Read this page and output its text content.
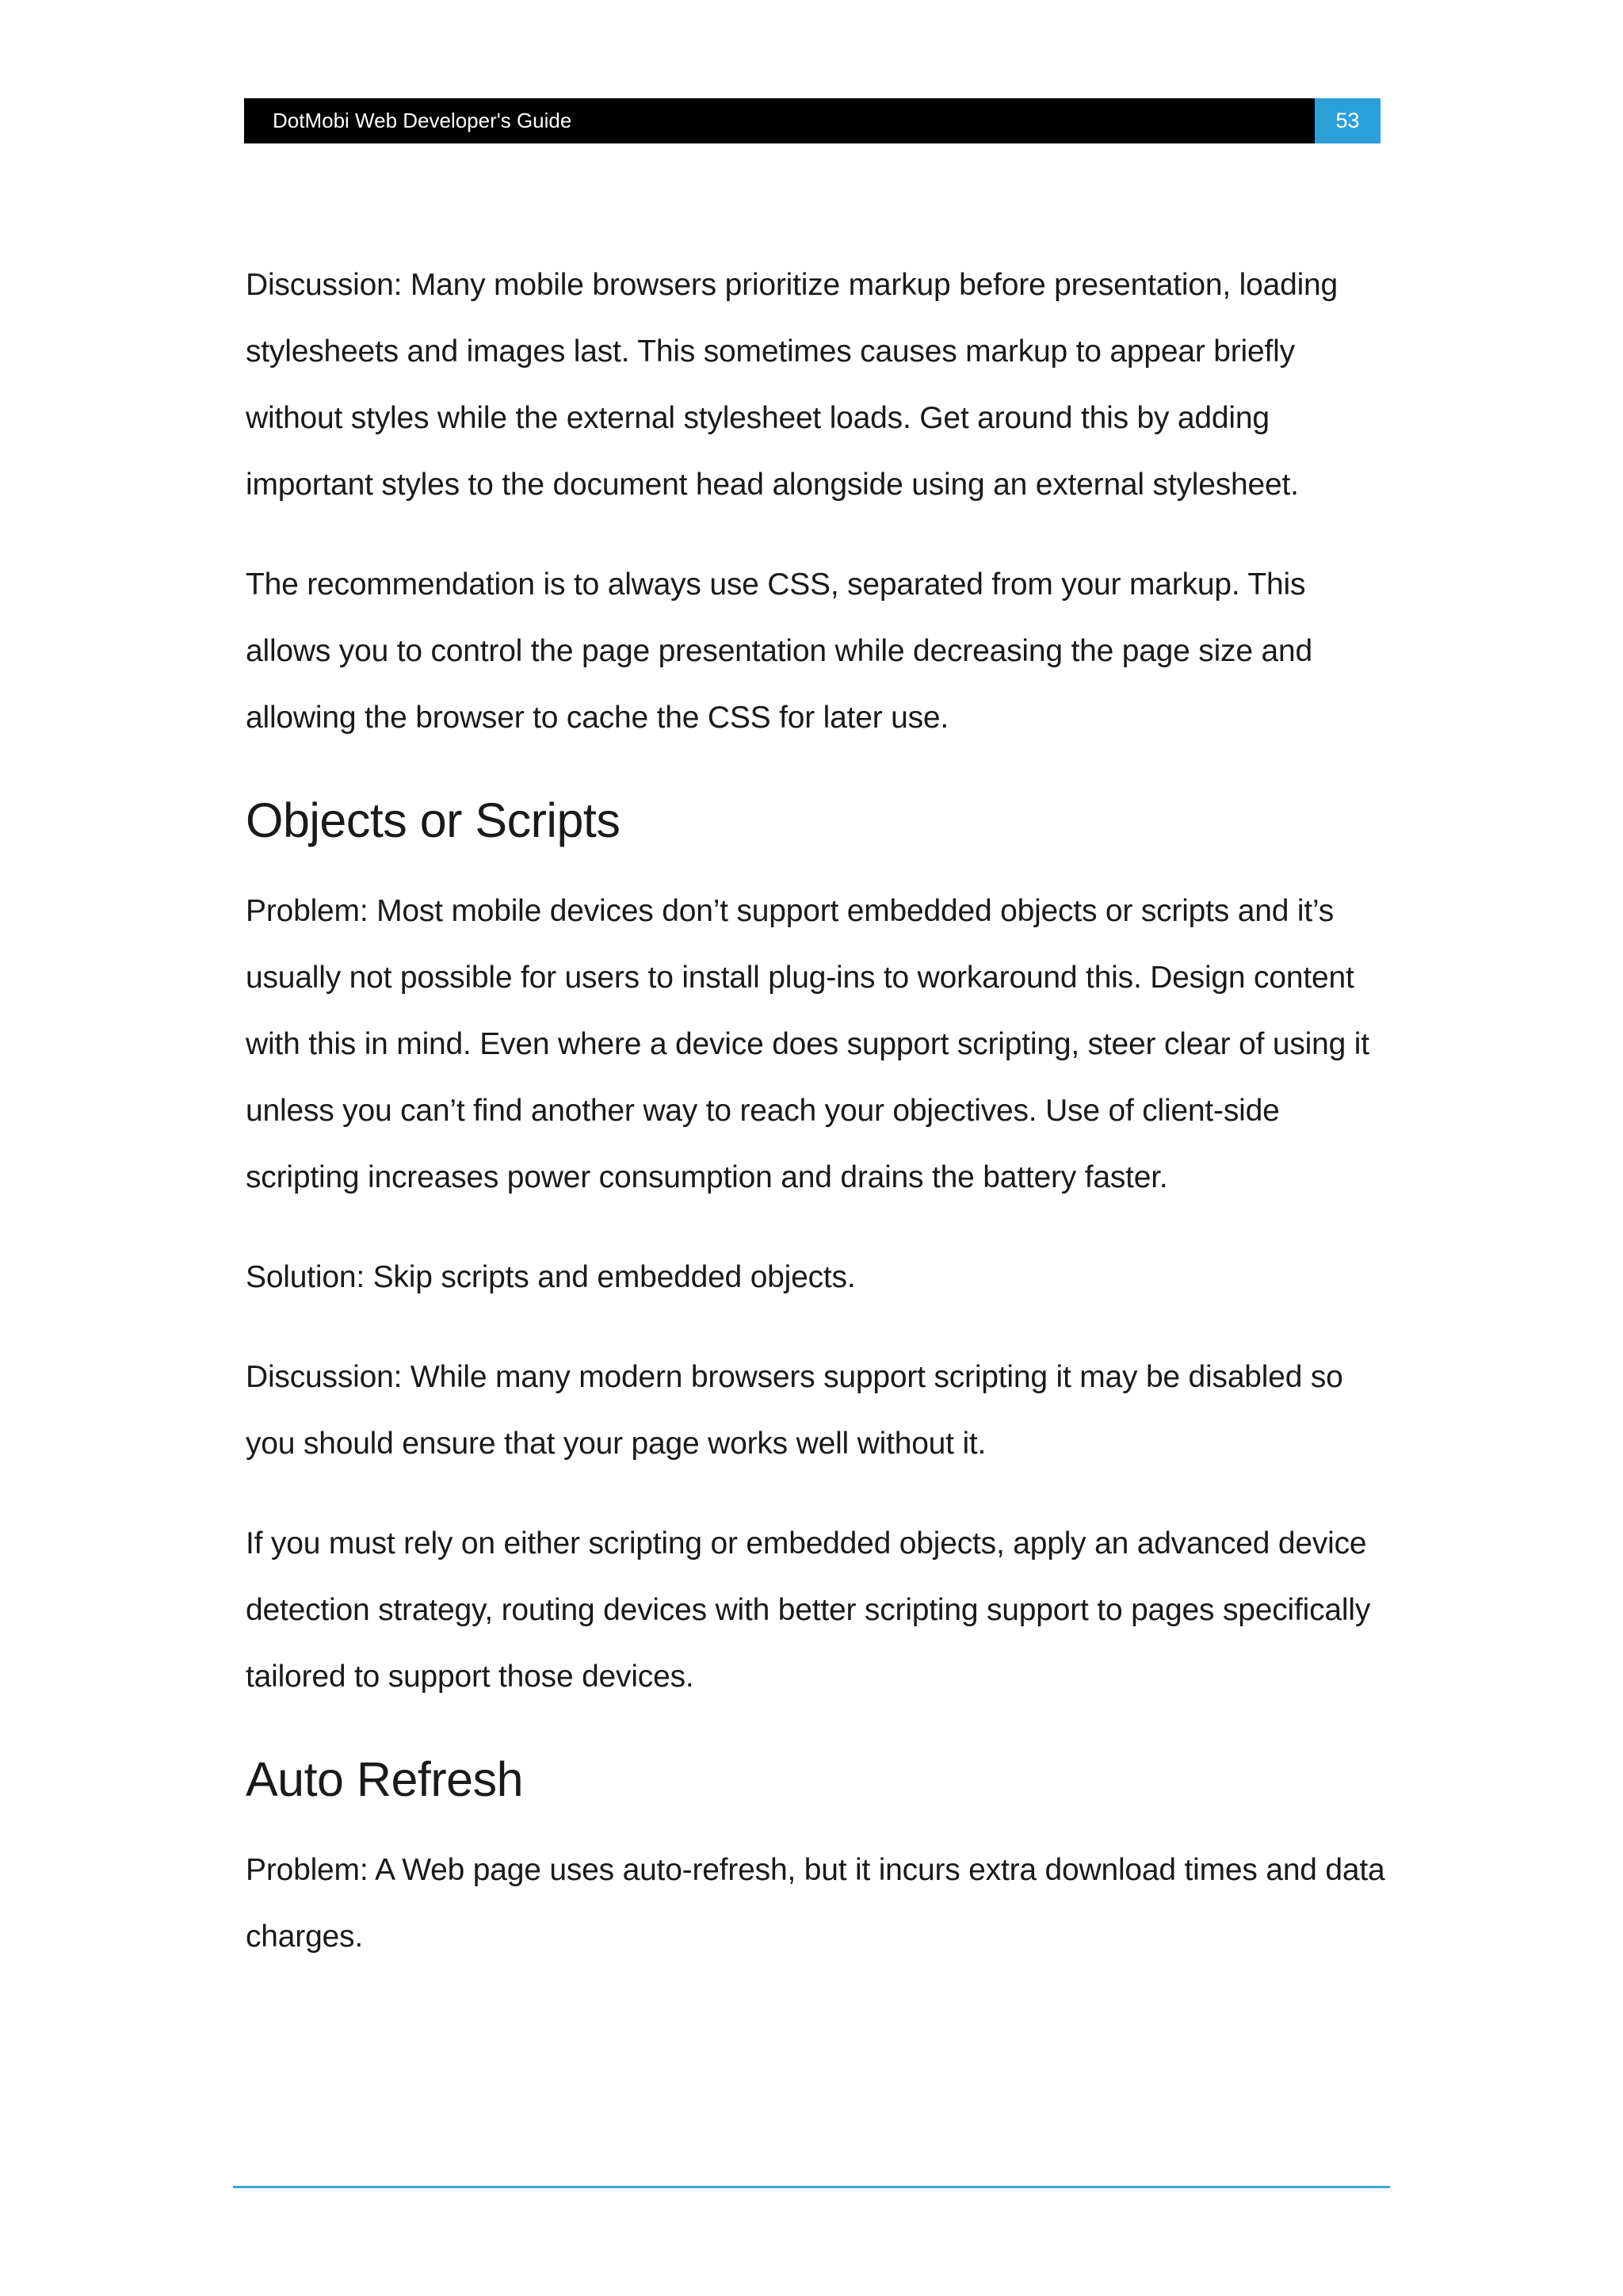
DotMobi Web Developer's Guide	53

Discussion: Many mobile browsers prioritize markup before presentation, loading stylesheets and images last. This sometimes causes markup to appear briefly without styles while the external stylesheet loads. Get around this by adding important styles to the document head alongside using an external stylesheet.

The recommendation is to always use CSS, separated from your markup. This allows you to control the page presentation while decreasing the page size and allowing the browser to cache the CSS for later use.

Objects or Scripts

Problem: Most mobile devices don’t support embedded objects or scripts and it’s usually not possible for users to install plug-ins to workaround this. Design content with this in mind. Even where a device does support scripting, steer clear of using it unless you can’t find another way to reach your objectives. Use of client-side scripting increases power consumption and drains the battery faster.

Solution: Skip scripts and embedded objects.

Discussion: While many modern browsers support scripting it may be disabled so you should ensure that your page works well without it.

If you must rely on either scripting or embedded objects, apply an advanced device detection strategy, routing devices with better scripting support to pages specifically tailored to support those devices.

Auto Refresh

Problem: A Web page uses auto-refresh, but it incurs extra download times and data charges.
